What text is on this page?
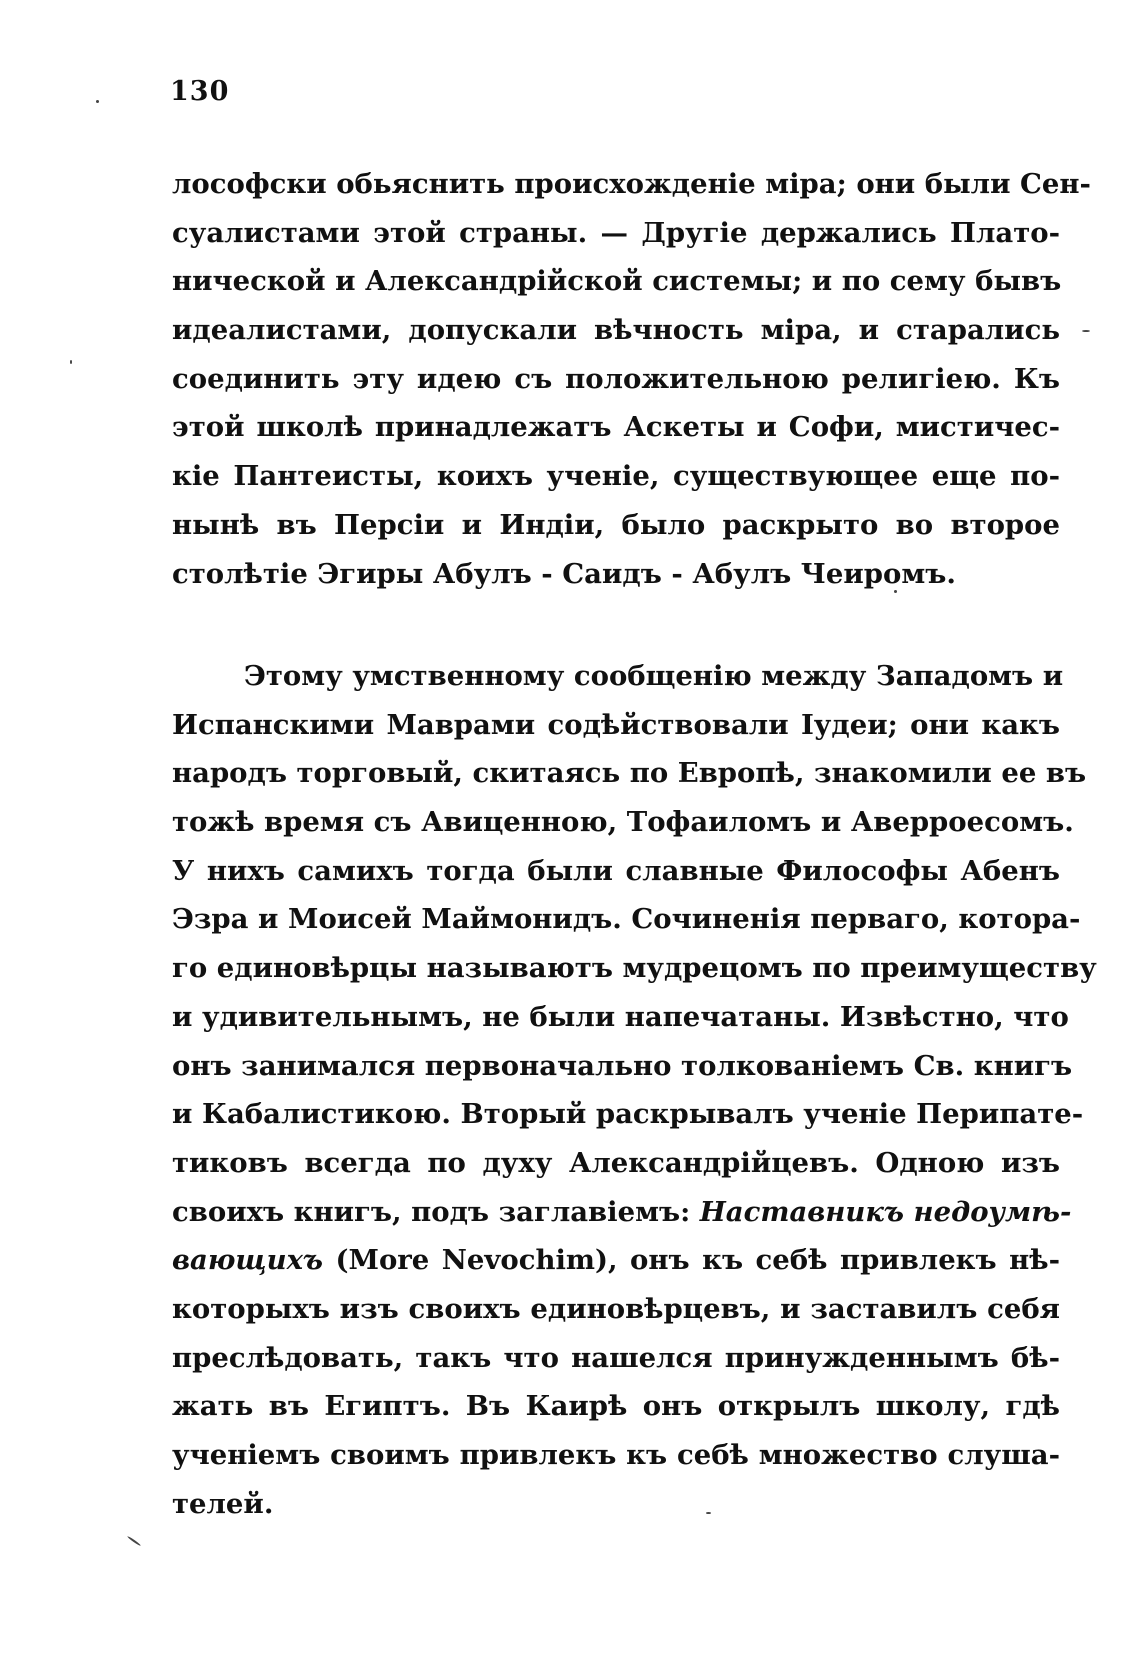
130
лософски обьяснить происхожденіе міра; они были Сен-
суалистами этой страны. — Другіе держались Плато-
нической и Александрійской системы; и по сему бывъ
идеалистами, допускали вѣчность міра, и старались
соединить эту идею съ положительною религіею. Къ
этой школѣ принадлежатъ Аскеты и Софи, мистичес-
кіе Пантеисты, коихъ ученіе, существующее еще по-
нынѣ въ Персіи и Индіи, было раскрыто во второе
столѣтіе Эгиры Абулъ - Саидъ - Абулъ Чеиромъ.
Этому умственному сообщенію между Западомъ и
Испанскими Маврами содѣйствовали Іудеи; они какъ
народъ торговый, скитаясь по Европѣ, знакомили ее въ
тожѣ время съ Авиценною, Тофаиломъ и Аверроесомъ.
У нихъ самихъ тогда были славные Философы Абенъ
Эзра и Моисей Маймонидъ. Сочиненія перваго, котора-
го единовѣрцы называютъ мудрецомъ по преимуществу
и удивительнымъ, не были напечатаны. Извѣстно, что
онъ занимался первоначально толкованіемъ Св. книгъ
и Кабалистикою. Вторый раскрывалъ ученіе Перипате-
тиковъ всегда по духу Александрійцевъ. Одною изъ
своихъ книгъ, подъ заглавіемъ: Наставникъ недоумѣ-
вающихъ (More Nevochim), онъ къ себѣ привлекъ нѣ-
которыхъ изъ своихъ единовѣрцевъ, и заставилъ себя
преслѣдовать, такъ что нашелся принужденнымъ бѣ-
жать въ Египтъ. Въ Каирѣ онъ открылъ школу, гдѣ
ученіемъ своимъ привлекъ къ себѣ множество слуша-
телей.
